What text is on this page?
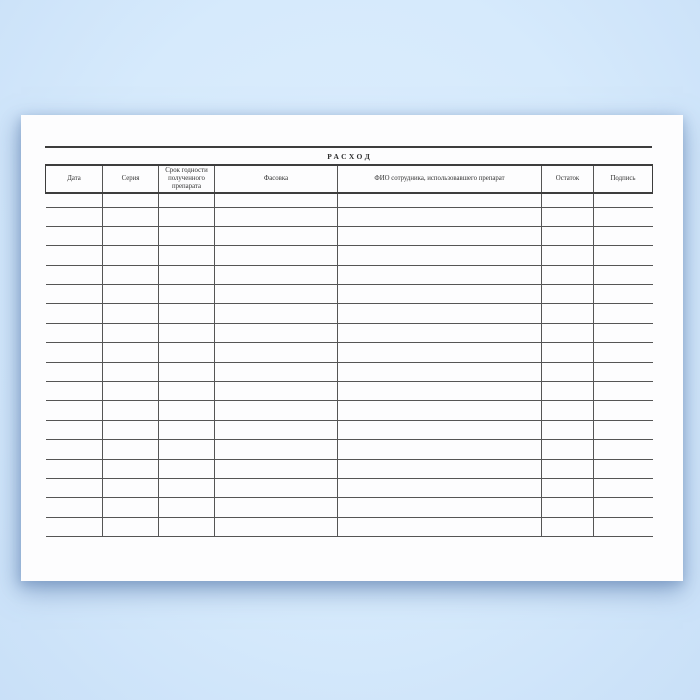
РАСХОД
Дата	Серия	Срок годности полученного препарата	Фасовка	ФИО сотрудника, использовавшего препарат	Остаток	Подпись
